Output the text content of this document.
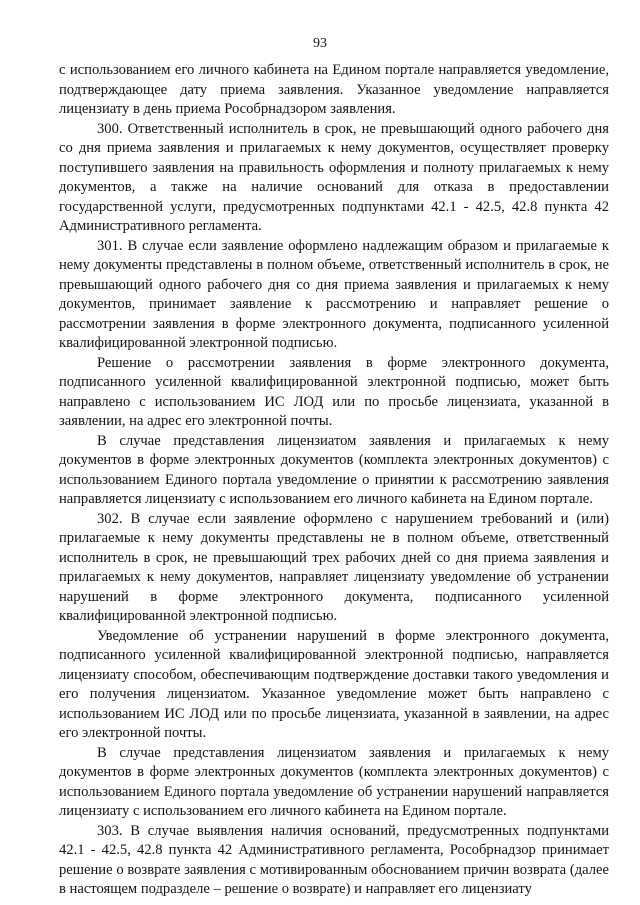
93

с использованием его личного кабинета на Едином портале направляется уведомление, подтверждающее дату приема заявления. Указанное уведомление направляется лицензиату в день приема Рособрнадзором заявления.

300. Ответственный исполнитель в срок, не превышающий одного рабочего дня со дня приема заявления и прилагаемых к нему документов, осуществляет проверку поступившего заявления на правильность оформления и полноту прилагаемых к нему документов, а также на наличие оснований для отказа в предоставлении государственной услуги, предусмотренных подпунктами 42.1 - 42.5, 42.8 пункта 42 Административного регламента.

301. В случае если заявление оформлено надлежащим образом и прилагаемые к нему документы представлены в полном объеме, ответственный исполнитель в срок, не превышающий одного рабочего дня со дня приема заявления и прилагаемых к нему документов, принимает заявление к рассмотрению и направляет решение о рассмотрении заявления в форме электронного документа, подписанного усиленной квалифицированной электронной подписью.

Решение о рассмотрении заявления в форме электронного документа, подписанного усиленной квалифицированной электронной подписью, может быть направлено с использованием ИС ЛОД или по просьбе лицензиата, указанной в заявлении, на адрес его электронной почты.

В случае представления лицензиатом заявления и прилагаемых к нему документов в форме электронных документов (комплекта электронных документов) с использованием Единого портала уведомление о принятии к рассмотрению заявления направляется лицензиату с использованием его личного кабинета на Едином портале.

302. В случае если заявление оформлено с нарушением требований и (или) прилагаемые к нему документы представлены не в полном объеме, ответственный исполнитель в срок, не превышающий трех рабочих дней со дня приема заявления и прилагаемых к нему документов, направляет лицензиату уведомление об устранении нарушений в форме электронного документа, подписанного усиленной квалифицированной электронной подписью.

Уведомление об устранении нарушений в форме электронного документа, подписанного усиленной квалифицированной электронной подписью, направляется лицензиату способом, обеспечивающим подтверждение доставки такого уведомления и его получения лицензиатом. Указанное уведомление может быть направлено с использованием ИС ЛОД или по просьбе лицензиата, указанной в заявлении, на адрес его электронной почты.

В случае представления лицензиатом заявления и прилагаемых к нему документов в форме электронных документов (комплекта электронных документов) с использованием Единого портала уведомление об устранении нарушений направляется лицензиату с использованием его личного кабинета на Едином портале.

303. В случае выявления наличия оснований, предусмотренных подпунктами 42.1 - 42.5, 42.8 пункта 42 Административного регламента, Рособрнадзор принимает решение о возврате заявления с мотивированным обоснованием причин возврата (далее в настоящем подразделе – решение о возврате) и направляет его лицензиату
